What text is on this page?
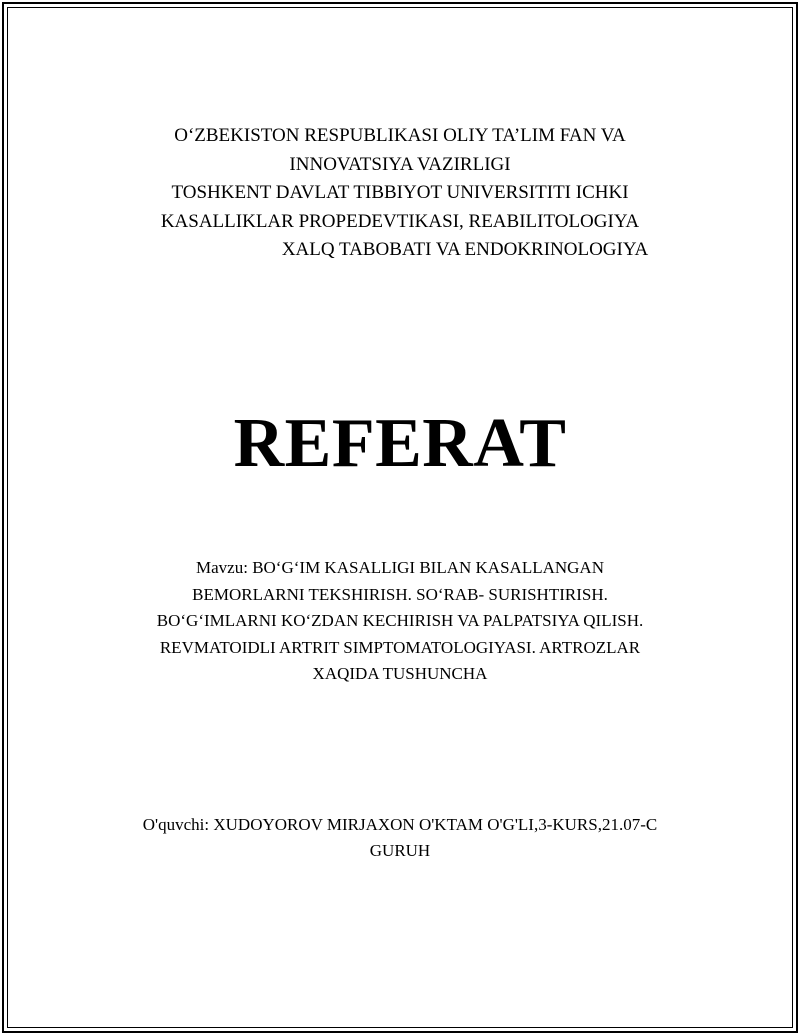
O‘ZBEKISTON RESPUBLIKASI OLIY TA’LIM FAN VA
INNOVATSIYA VAZIRLIGI
TOSHKENT DAVLAT TIBBIYOT UNIVERSITITI ICHKI
KASALLIKLAR PROPEDEVTIKASI, REABILITOLOGIYA
XALQ TABOBATI VA ENDOKRINOLOGIYA
REFERAT
Mavzu: BO‘G‘IM KASALLIGI BILAN KASALLANGAN
BEMORLARNI TEKSHIRISH. SO‘RAB- SURISHTIRISH.
BO‘G‘IMLARNI KO‘ZDAN KECHIRISH VA PALPATSIYA QILISH.
REVMATOIDLI ARTRIT SIMPTOMATOLOGIYASI. ARTROZLAR
XAQIDA TUSHUNCHA
O'quvchi: XUDOYOROV MIRJAXON O'KTAM O'G'LI,3-KURS,21.07-C
GURUH
